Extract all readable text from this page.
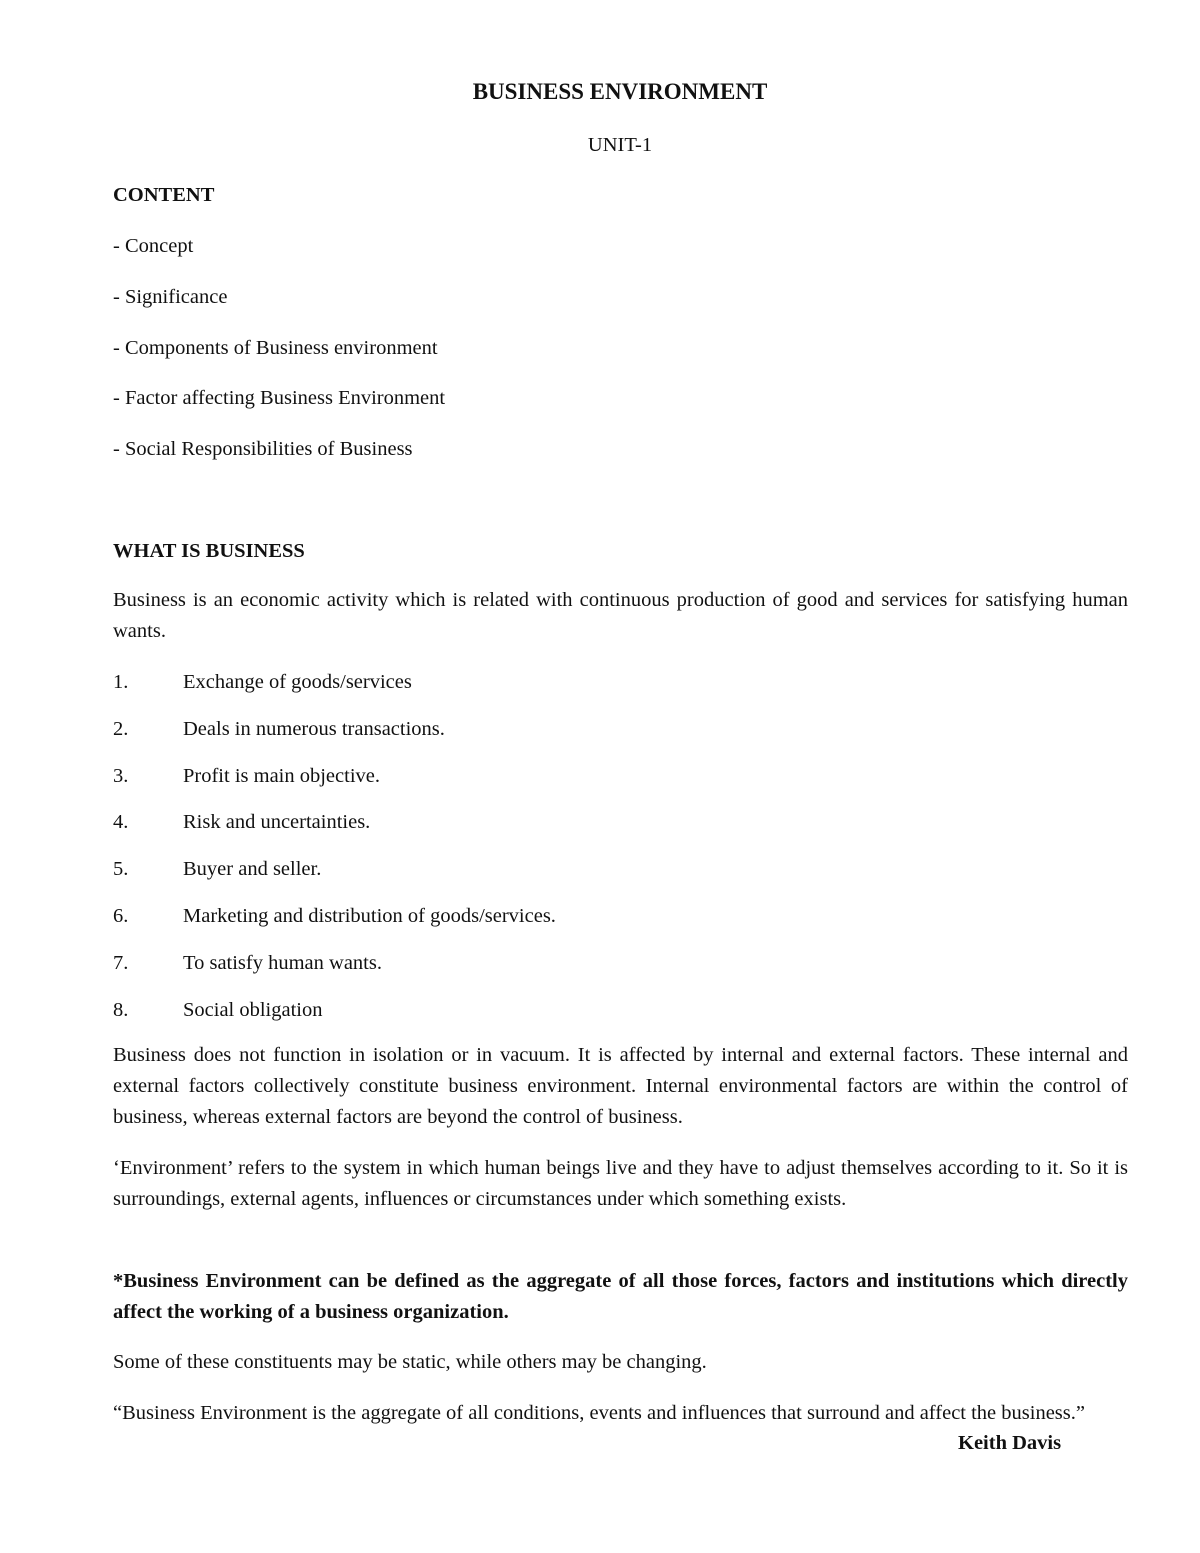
BUSINESS ENVIRONMENT
UNIT-1
CONTENT
- Concept
- Significance
- Components of Business environment
- Factor affecting Business Environment
- Social Responsibilities of Business
WHAT IS BUSINESS
Business is an economic activity which is related with continuous production of good and services for satisfying human wants.
1.	Exchange of goods/services
2.	Deals in numerous transactions.
3.	Profit is main objective.
4.	Risk and uncertainties.
5.	Buyer and seller.
6.	Marketing and distribution of goods/services.
7.	To satisfy human wants.
8.	Social obligation
Business does not function in isolation or in vacuum. It is affected by internal and external factors. These internal and external factors collectively constitute business environment. Internal environmental factors are within the control of business, whereas external factors are beyond the control of business.
‘Environment’ refers to the system in which human beings live and they have to adjust themselves according to it. So it is surroundings, external agents, influences or circumstances under which something exists.
*Business Environment can be defined as the aggregate of all those forces, factors and institutions which directly affect the working of a business organization.
Some of these constituents may be static, while others may be changing.
“Business Environment is the aggregate of all conditions, events and influences that surround and affect the business.”
Keith Davis
